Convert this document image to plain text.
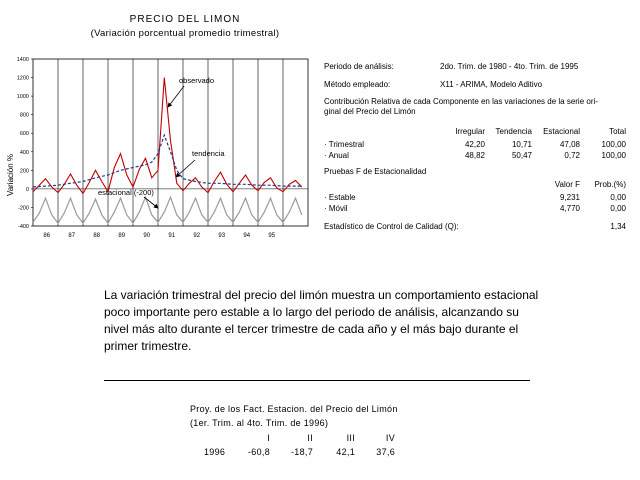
PRECIO DEL LIMON
(Variación porcentual promedio trimestral)
1400
1200
1000
800
600
400
200
0
-200
-400
86	87	88	89	90	91	92	93	94	95
Variación %
observado
tendencia
estacional (-200)
Periodo de análisis:	2do. Trim. de 1980 - 4to. Trim. de 1995
Método empleado:	X11 - ARIMA, Modelo Aditivo
Contribución Relativa de cada Componente en las variaciones de la serie ori-
ginal del Precio del Limón
Irregular	Tendencia	Estacional	Total
· Trimestral	42,20	10,71	47,08	100,00
· Anual	48,82	50,47	0,72	100,00
Pruebas F de Estacionalidad
Valor F	Prob.(%)
· Estable	9,231	0,00
· Móvil	4,770	0,00
Estadístico de Control de Calidad (Q):	1,34
La variación trimestral del precio del limón muestra un comportamiento estacional poco importante pero estable a lo largo del periodo de análisis, alcanzando su nivel más alto durante el tercer trimestre de cada año y el más bajo durante el primer trimestre.
Proy. de los Fact. Estacion. del Precio del Limón
(1er. Trim. al 4to. Trim. de 1996)
I	II	III	IV
1996	-60,8	-18,7	42,1	37,6
